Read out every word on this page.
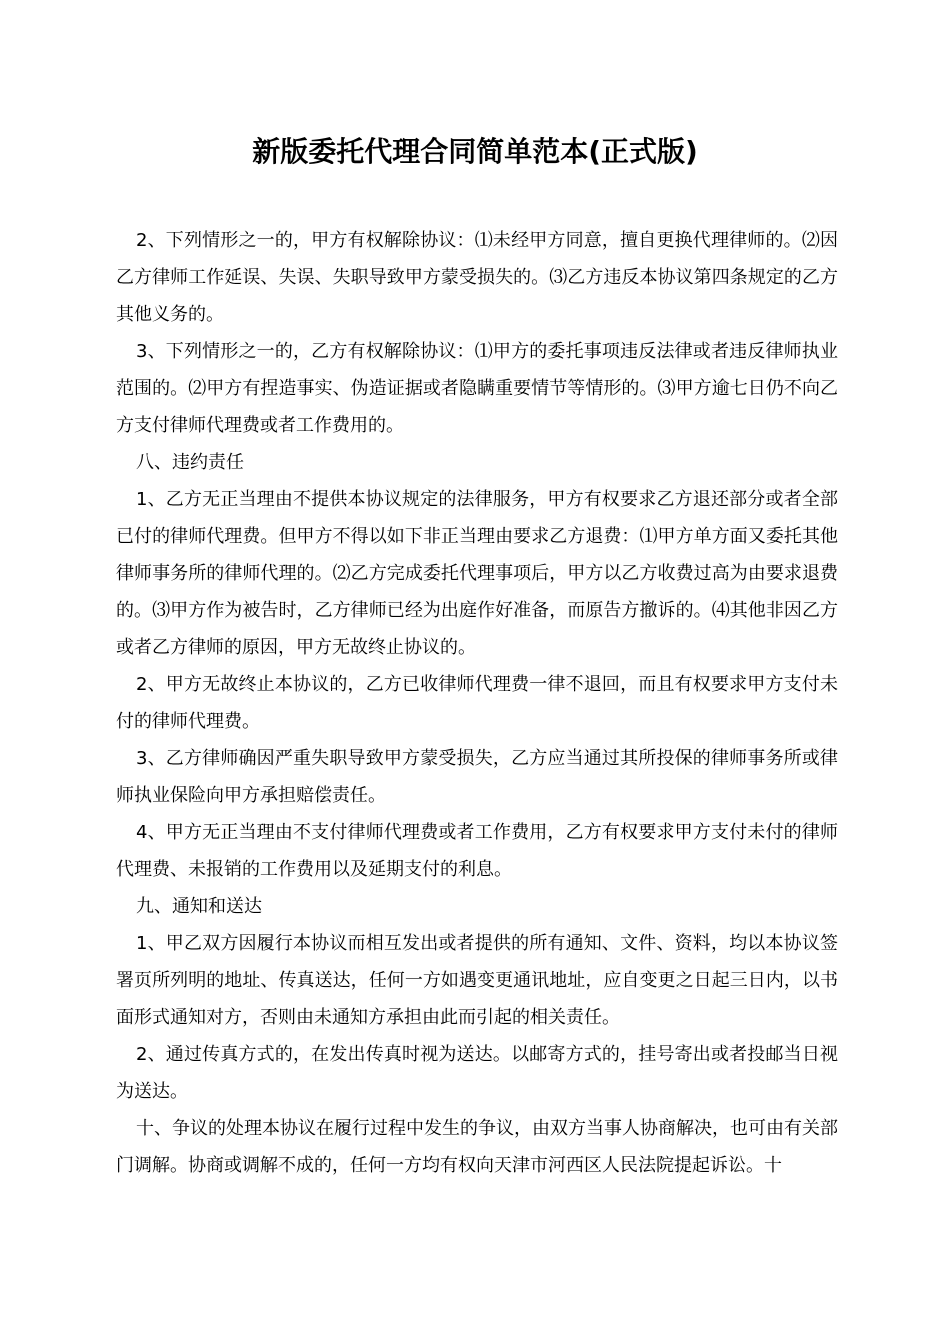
新版委托代理合同简单范本(正式版)

2、下列情形之一的，甲方有权解除协议：⑴未经甲方同意，擅自更换代理律师的。⑵因乙方律师工作延误、失误、失职导致甲方蒙受损失的。⑶乙方违反本协议第四条规定的乙方其他义务的。

3、下列情形之一的，乙方有权解除协议：⑴甲方的委托事项违反法律或者违反律师执业范围的。⑵甲方有捏造事实、伪造证据或者隐瞒重要情节等情形的。⑶甲方逾七日仍不向乙方支付律师代理费或者工作费用的。

八、违约责任

1、乙方无正当理由不提供本协议规定的法律服务，甲方有权要求乙方退还部分或者全部已付的律师代理费。但甲方不得以如下非正当理由要求乙方退费：⑴甲方单方面又委托其他律师事务所的律师代理的。⑵乙方完成委托代理事项后，甲方以乙方收费过高为由要求退费的。⑶甲方作为被告时，乙方律师已经为出庭作好准备，而原告方撤诉的。⑷其他非因乙方或者乙方律师的原因，甲方无故终止协议的。

2、甲方无故终止本协议的，乙方已收律师代理费一律不退回，而且有权要求甲方支付未付的律师代理费。

3、乙方律师确因严重失职导致甲方蒙受损失，乙方应当通过其所投保的律师事务所或律师执业保险向甲方承担赔偿责任。

4、甲方无正当理由不支付律师代理费或者工作费用，乙方有权要求甲方支付未付的律师代理费、未报销的工作费用以及延期支付的利息。

九、通知和送达

1、甲乙双方因履行本协议而相互发出或者提供的所有通知、文件、资料，均以本协议签署页所列明的地址、传真送达，任何一方如遇变更通讯地址，应自变更之日起三日内，以书面形式通知对方，否则由未通知方承担由此而引起的相关责任。

2、通过传真方式的，在发出传真时视为送达。以邮寄方式的，挂号寄出或者投邮当日视为送达。

十、争议的处理本协议在履行过程中发生的争议，由双方当事人协商解决，也可由有关部门调解。协商或调解不成的，任何一方均有权向天津市河西区人民法院提起诉讼。十
